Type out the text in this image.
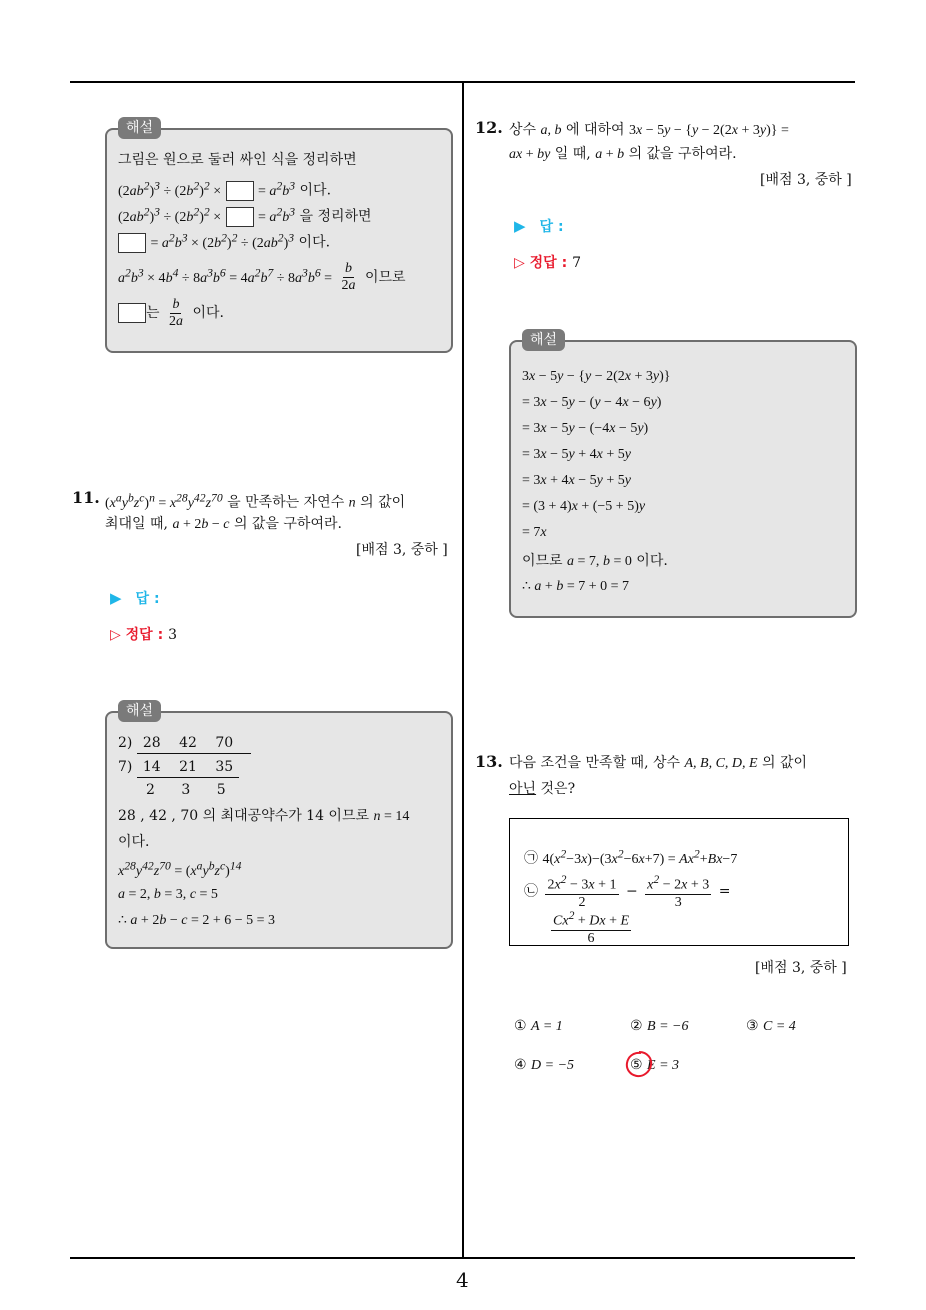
4
해설
그림은 원으로 둘러 싸인 식을 정리하면
$(2ab^2)^3 \div (2b^2)^2$ ×	= $a^2b^3$ 이다.
$(2ab^2)^3 \div (2b^2)^2$ ×	= $a^2b^3$ 을 정리하면
= $a^2b^3 \times (2b^2)^2 \div (2ab^2)^3$ 이다.
$a^2b^3 \times 4b^4 \div 8a^3b^6 = 4a^2b^7 \div 8a^3b^6 = \frac{b}{2a}$ 이므로
는 $\frac{b}{2a}$ 이다.
11. $(x^ay^bz^c)^n = x^{28}y^{42}z^{70}$ 을 만족하는 자연수 n 의 값이
최대일 때, a + 2b − c 의 값을 구하여라.
[배점 3, 중하 ]
▶ 답 :
▷ 정답 : 3
해설
2) 28 42 70
7) 14 21 35
2 3 5
28 , 42 , 70 의 최대공약수가 14 이므로 n = 14
이다.
$x^{28}y^{42}z^{70} = (x^ay^bz^c)^{14}$
a = 2, b = 3, c = 5
∴ a + 2b − c = 2 + 6 − 5 = 3
12. 상수 a, b 에 대하여 3x − 5y − {y − 2(2x + 3y)} =
ax + by 일 때, a + b 의 값을 구하여라.
[배점 3, 중하 ]
▶ 답 :
▷ 정답 : 7
해설
3x − 5y − {y − 2(2x + 3y)}
= 3x − 5y − (y − 4x − 6y)
= 3x − 5y − (−4x − 5y)
= 3x − 5y + 4x + 5y
= 3x + 4x − 5y + 5y
= (3 + 4)x + (−5 + 5)y
= 7x
이므로 a = 7, b = 0 이다.
∴ a + b = 7 + 0 = 7
13. 다음 조건을 만족할 때, 상수 A, B, C, D, E 의 값이
아닌 것은?
㉠ $4(x^2-3x)-(3x^2-6x+7) = Ax^2+Bx-7$
㉡ $\frac{2x^2 - 3x + 1}{2} - \frac{x^2 - 2x + 3}{3}$ =
$\frac{Cx^2 + Dx + E}{6}$
[배점 3, 중하 ]
① A = 1	② B = −6	③ C = 4
④ D = −5	⑤ E = 3
